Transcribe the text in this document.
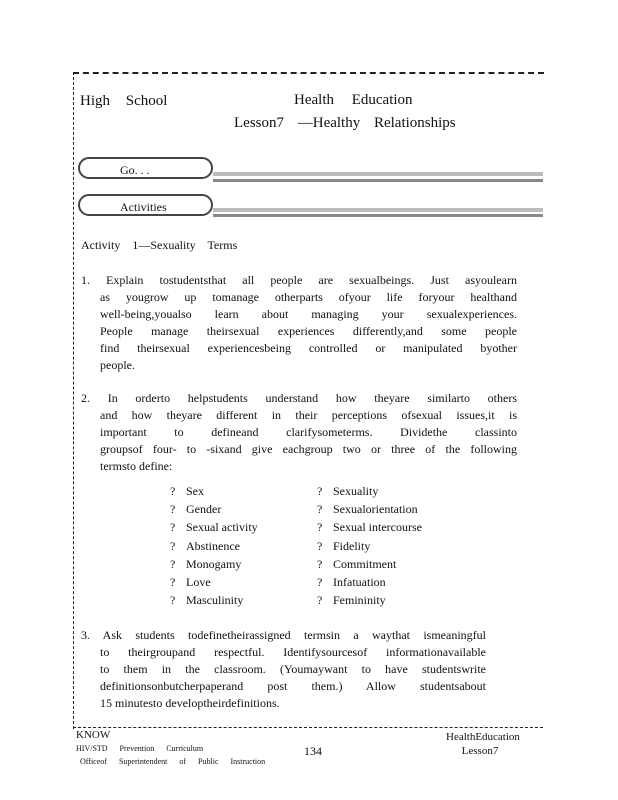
High School	Health Education
Lesson7 —Healthy Relationships
Go. . .
Activities
Activity 1—Sexuality Terms
1. Explain tostudentsthat all people are sexualbeings. Just asyoulearn
as yougrow up tomanage otherparts ofyour life foryour healthand
well-being,youalso learn about managing your sexualexperiences.
People manage theirsexual experiences differently,and some people
find theirsexual experiencesbeing controlled or manipulated byother
people.
2. In orderto helpstudents understand how theyare similarto others
and how theyare different in their perceptions ofsexual issues,it is
important to defineand clarifysometerms. Dividethe classinto
groupsof four- to -sixand give eachgroup two or three of the following
termsto define:
? Sex
? Gender
? Sexual activity
? Abstinence
? Monogamy
? Love
? Masculinity
? Sexuality
? Sexualorientation
? Sexual intercourse
? Fidelity
? Commitment
? Infatuation
? Femininity
3. Ask students todefinetheirassigned termsin a waythat ismeaningful
to theirgroupand respectful. Identifysourcesof informationavailable
to them in the classroom. (Youmaywant to have studentswrite
definitionsonbutcherpaperand post them.) Allow studentsabout
15 minutesto developtheirdefinitions.
KNOW
HIV/STD Prevention Curriculum
Officeof Superintendent of Public Instruction
134
HealthEducation
Lesson7
